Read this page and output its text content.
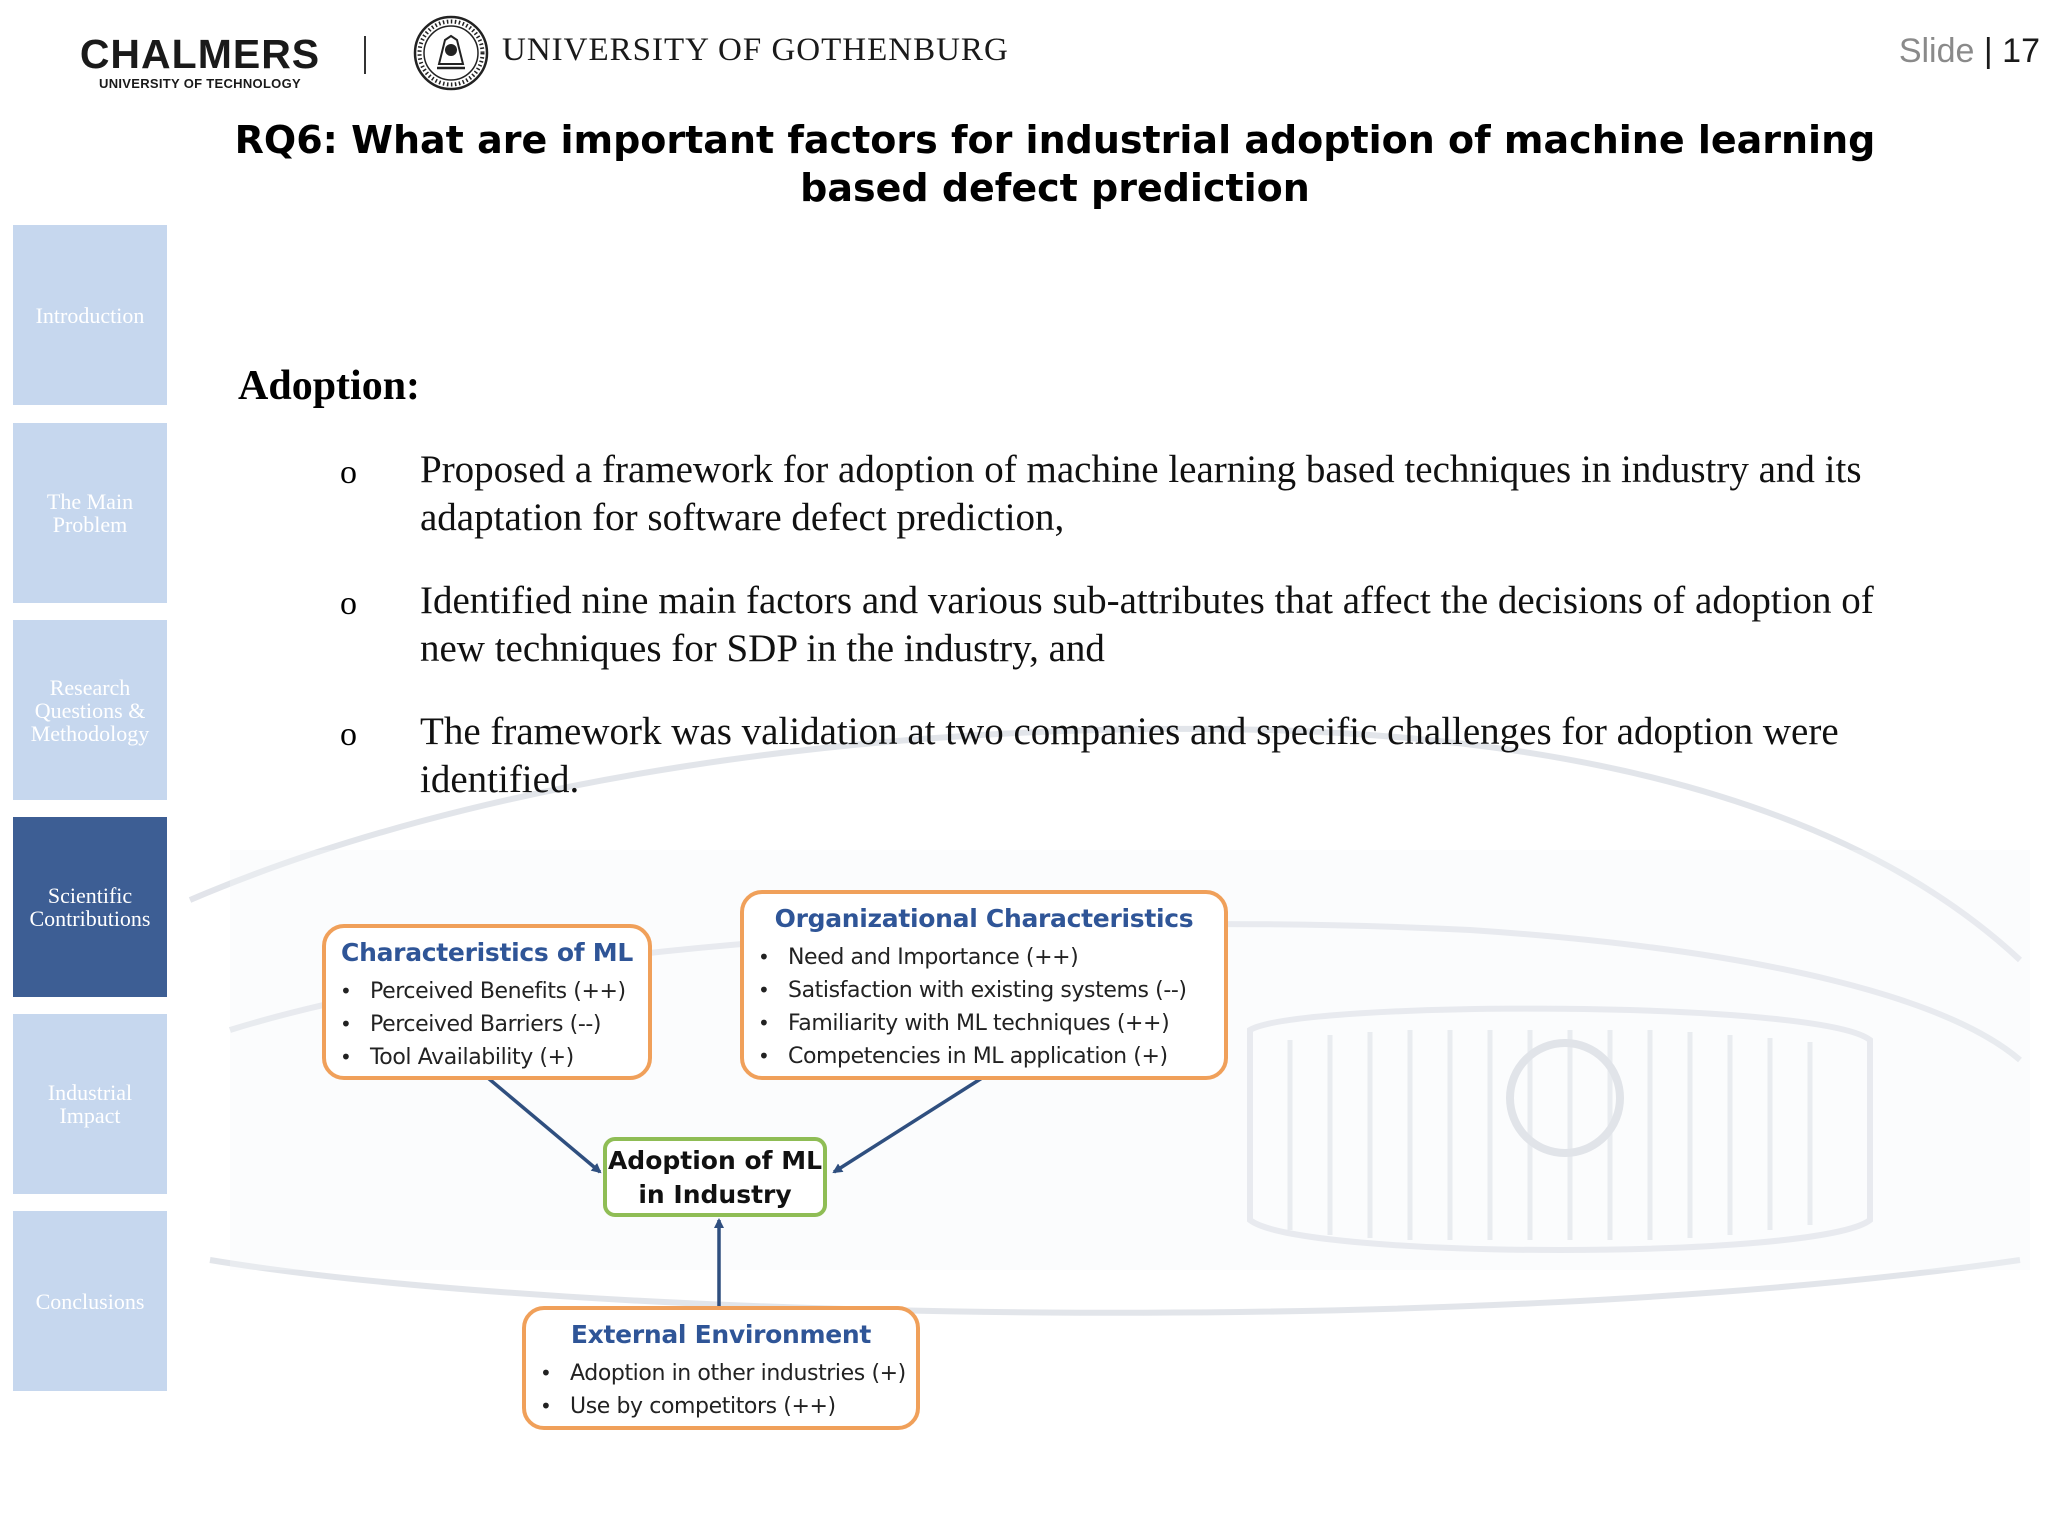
CHALMERS
UNIVERSITY OF TECHNOLOGY
UNIVERSITY OF GOTHENBURG	Slide | 17
RQ6: What are important factors for industrial adoption of machine learning based defect prediction
Introduction
The Main Problem
Research Questions & Methodology
Scientific Contributions
Industrial Impact
Conclusions
Adoption:
o Proposed a framework for adoption of machine learning based techniques in industry and its adaptation for software defect prediction,
o Identified nine main factors and various sub-attributes that affect the decisions of adoption of new techniques for SDP in the industry, and
o The framework was validation at two companies and specific challenges for adoption were identified.
Characteristics of ML
• Perceived Benefits (++)
• Perceived Barriers (--)
• Tool Availability (+)
Organizational Characteristics
• Need and Importance (++)
• Satisfaction with existing systems (--)
• Familiarity with ML techniques (++)
• Competencies in ML application (+)
Adoption of ML
in Industry
External Environment
• Adoption in other industries (+)
• Use by competitors (++)
